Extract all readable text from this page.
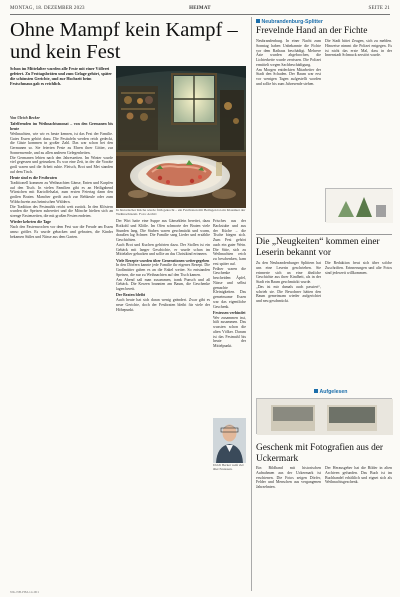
MONTAG, 18. DEZEMBER 2023	HEIMAT	SEITE 21
Ohne Mampf kein Kampf – und kein Fest
Schon im Mittelalter wurden alle Feste mit einer Völlerei gefeiert. Zu Festtagsbräten und zum Gelage gehört, später die schönsten Gerichte, und zur Hochzeit beim Festschmaus gab es reichlich.

Von Ulrich Becker

Tafelfreuden im Weihnachtsmonat – von den Germanen bis heute

Weihnachten, wie wir es heute kennen, ist das Fest der Familie. Gutes Essen gehört dazu. Die Festtafeln werden reich gedeckt, die Gäste kommen in großer Zahl. Das war schon bei den Germanen so. Sie feierten Feste zu Ehren ihrer Götter, zur Sonnenwende, und zu allen anderen Gelegenheiten.

Die Germanen lebten nach den Jahreszeiten. Im Winter wurde viel gegessen und getrunken. Es war eine Zeit, in der die Vorräte groß waren und die Arbeit ruhte. Fleisch, Brot und Met standen auf dem Tisch.

Heute sind es die Festbraten

Traditionell kommen zu Weihnachten Gänse, Enten und Karpfen auf den Tisch. In vielen Familien gibt es an Heiligabend Würstchen mit Kartoffelsalat, zum ersten Feiertag dann den großen Braten. Mancher greift auch zur Rehkeule oder zum Wildschwein aus heimischen Wäldern.

Die Tradition des Festmahls reicht weit zurück. In den Klöstern wurden die Speisen zubereitet und die Mönche hielten sich an strenge Fastenzeiten, die mit großen Festen endeten.

Wieder kehrten die Tage

Nach den Fastenwochen vor dem Fest war die Freude am Essen umso größer. Es wurde gebacken und gebraten, die Kinder bekamen Süßes und Nüsse aus dem Garten.

Der Wirt hatte eine Suppe aus Gänseklein bereitet, dazu Rotkohl und Klöße. Im Ofen schmorte der Braten viele Stunden lang. Die Stuben waren geschmückt und warm, draußen lag Schnee. Die Familie sang Lieder und erzählte Geschichten.

Auch Brot und Kuchen gehörten dazu. Der Stollen ist ein Gebäck mit langer Geschichte, er wurde schon im Mittelalter gebacken und sollte an das Christkind erinnern.

Viele Rezepte wurden über Generationen weitergegeben

In den Dörfern kannte jede Familie ihr eigenes Rezept. Die Großmütter gaben es an die Enkel weiter. So entstanden Speisen, die nur zu Weihnachten auf den Tisch kamen.

Am Abend saß man zusammen, trank Punsch und aß Gebäck. Die Kerzen brannten am Baum, die Geschenke lagen bereit.

Der Braten bleibt

Auch heute hat sich daran wenig geändert. Zwar gibt es neue Gerichte, doch der Festbraten bleibt für viele der Höhepunkt.

Frisches aus der Backstube und aus der Küche – die Tische biegen sich. Zum Fest gehört auch ein guter Wein. Die Sitte, sich zu Weihnachten reich zu beschenken, kam erst später auf.

Früher waren die Geschenke bescheiden: Äpfel, Nüsse und selbst gemachte Kleinigkeiten. Das gemeinsame Essen war das eigentliche Geschenk.

Festessen verbindet

Wer zusammen isst, hält zusammen. Das wussten schon die alten Völker. Darum ist das Festmahl bis heute der Mittelpunkt.

In historischer Küche wurde früh gekocht – ein Festbraten mit Beilagen ist ein Klassiker der Weihnachtszeit. Foto: Archiv
Ulrich Becker weiß viel über Festessen.
Neubrandenburg-Splitter
Frevelnde Hand an der Fichte

Neubrandenburg. In einer Nacht zum Sonntag haben Unbekannte die Fichte vor dem Rathaus beschädigt. Mehrere Äste wurden abgebrochen, die Lichterkette wurde zerrissen. Die Polizei ermittelt wegen Sachbeschädigung.

Am Morgen entdeckten Mitarbeiter der Stadt den Schaden. Der Baum war erst vor wenigen Tagen aufgestellt worden und sollte bis zum Jahresende stehen.

Die Stadt bittet Zeugen, sich zu melden. Hinweise nimmt die Polizei entgegen. Es ist nicht das erste Mal, dass in der Innenstadt Schmuck zerstört wurde.

Die „Neugkeiten“ kommen einer Leserin bekannt vor

Zu den Neubrandenburger Splittern hat uns eine Leserin geschrieben. Sie erinnerte sich an eine ähnliche Geschichte aus ihrer Kindheit, als in der Stadt ein Baum geschmückt wurde.

„Das ist mir damals auch passiert“, schrieb sie. Die Bewohner hätten den Baum gemeinsam wieder aufgerichtet und neu geschmückt.

Die Redaktion freut sich über solche Zuschriften. Erinnerungen und alte Fotos sind jederzeit willkommen.

Aufgelesen
Geschenk mit Fotografien aus der Uckermark

Ein Bildband mit historischen Aufnahmen aus der Uckermark ist erschienen. Die Fotos zeigen Dörfer, Felder und Menschen aus vergangenen Jahrzehnten.

Der Herausgeber hat die Bilder in alten Archiven gefunden. Das Buch ist im Buchhandel erhältlich und eignet sich als Weihnachtsgeschenk.

NK-NB-HM-14-001
